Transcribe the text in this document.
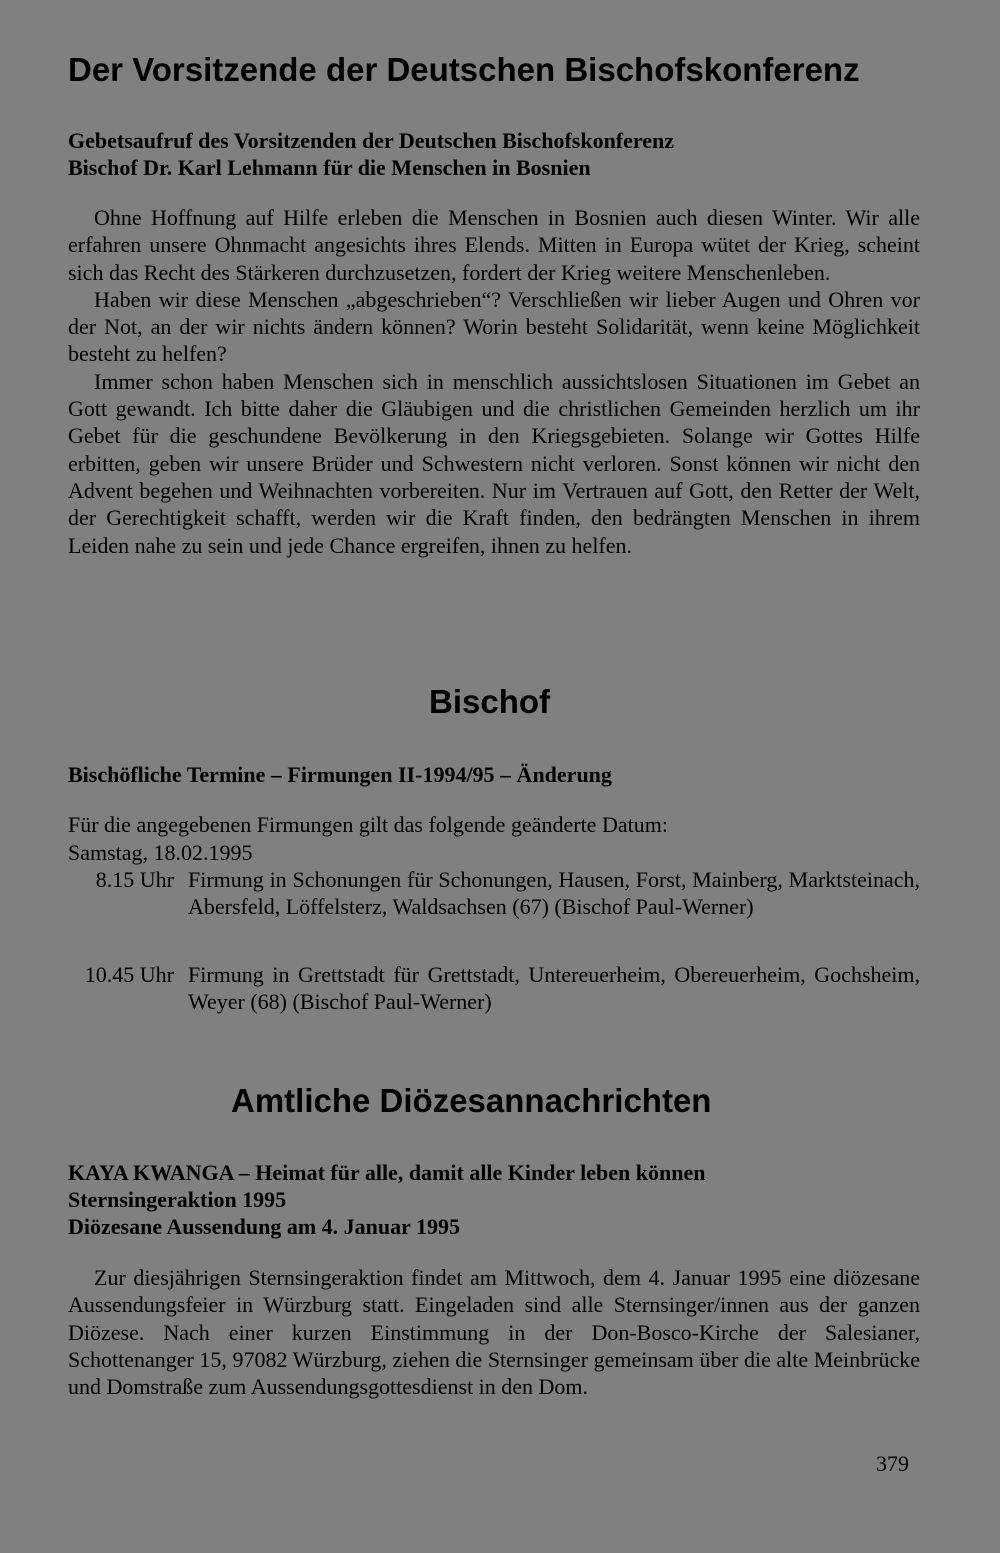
Der Vorsitzende der Deutschen Bischofskonferenz
Gebetsaufruf des Vorsitzenden der Deutschen Bischofskonferenz
Bischof Dr. Karl Lehmann für die Menschen in Bosnien

Ohne Hoffnung auf Hilfe erleben die Menschen in Bosnien auch diesen Winter. Wir alle erfahren unsere Ohnmacht angesichts ihres Elends. Mitten in Europa wütet der Krieg, scheint sich das Recht des Stärkeren durchzusetzen, fordert der Krieg weitere Menschenleben.

Haben wir diese Menschen „abgeschrieben“? Verschließen wir lieber Augen und Ohren vor der Not, an der wir nichts ändern können? Worin besteht Solidarität, wenn keine Möglichkeit besteht zu helfen?

Immer schon haben Menschen sich in menschlich aussichtslosen Situationen im Gebet an Gott gewandt. Ich bitte daher die Gläubigen und die christlichen Gemeinden herzlich um ihr Gebet für die geschundene Bevölkerung in den Kriegsgebieten. Solange wir Gottes Hilfe erbitten, geben wir unsere Brüder und Schwestern nicht verloren. Sonst können wir nicht den Advent begehen und Weihnachten vorbereiten. Nur im Vertrauen auf Gott, den Retter der Welt, der Gerechtigkeit schafft, werden wir die Kraft finden, den bedrängten Menschen in ihrem Leiden nahe zu sein und jede Chance ergreifen, ihnen zu helfen.

Bischof
Bischöfliche Termine – Firmungen II-1994/95 – Änderung
Für die angegebenen Firmungen gilt das folgende geänderte Datum:
Samstag, 18.02.1995
8.15 Uhr Firmung in Schonungen für Schonungen, Hausen, Forst, Mainberg, Marktsteinach, Abersfeld, Löffelsterz, Waldsachsen (67) (Bischof Paul-Werner)
10.45 Uhr Firmung in Grettstadt für Grettstadt, Untereuerheim, Obereuerheim, Gochsheim, Weyer (68) (Bischof Paul-Werner)
Amtliche Diözesannachrichten
KAYA KWANGA – Heimat für alle, damit alle Kinder leben können
Sternsingeraktion 1995
Diözesane Aussendung am 4. Januar 1995

Zur diesjährigen Sternsingeraktion findet am Mittwoch, dem 4. Januar 1995 eine diözesane Aussendungsfeier in Würzburg statt. Eingeladen sind alle Sternsinger/innen aus der ganzen Diözese. Nach einer kurzen Einstimmung in der Don-Bosco-Kirche der Salesianer, Schottenanger 15, 97082 Würzburg, ziehen die Sternsinger gemeinsam über die alte Meinbrücke und Domstraße zum Aussendungsgottesdienst in den Dom.

379
